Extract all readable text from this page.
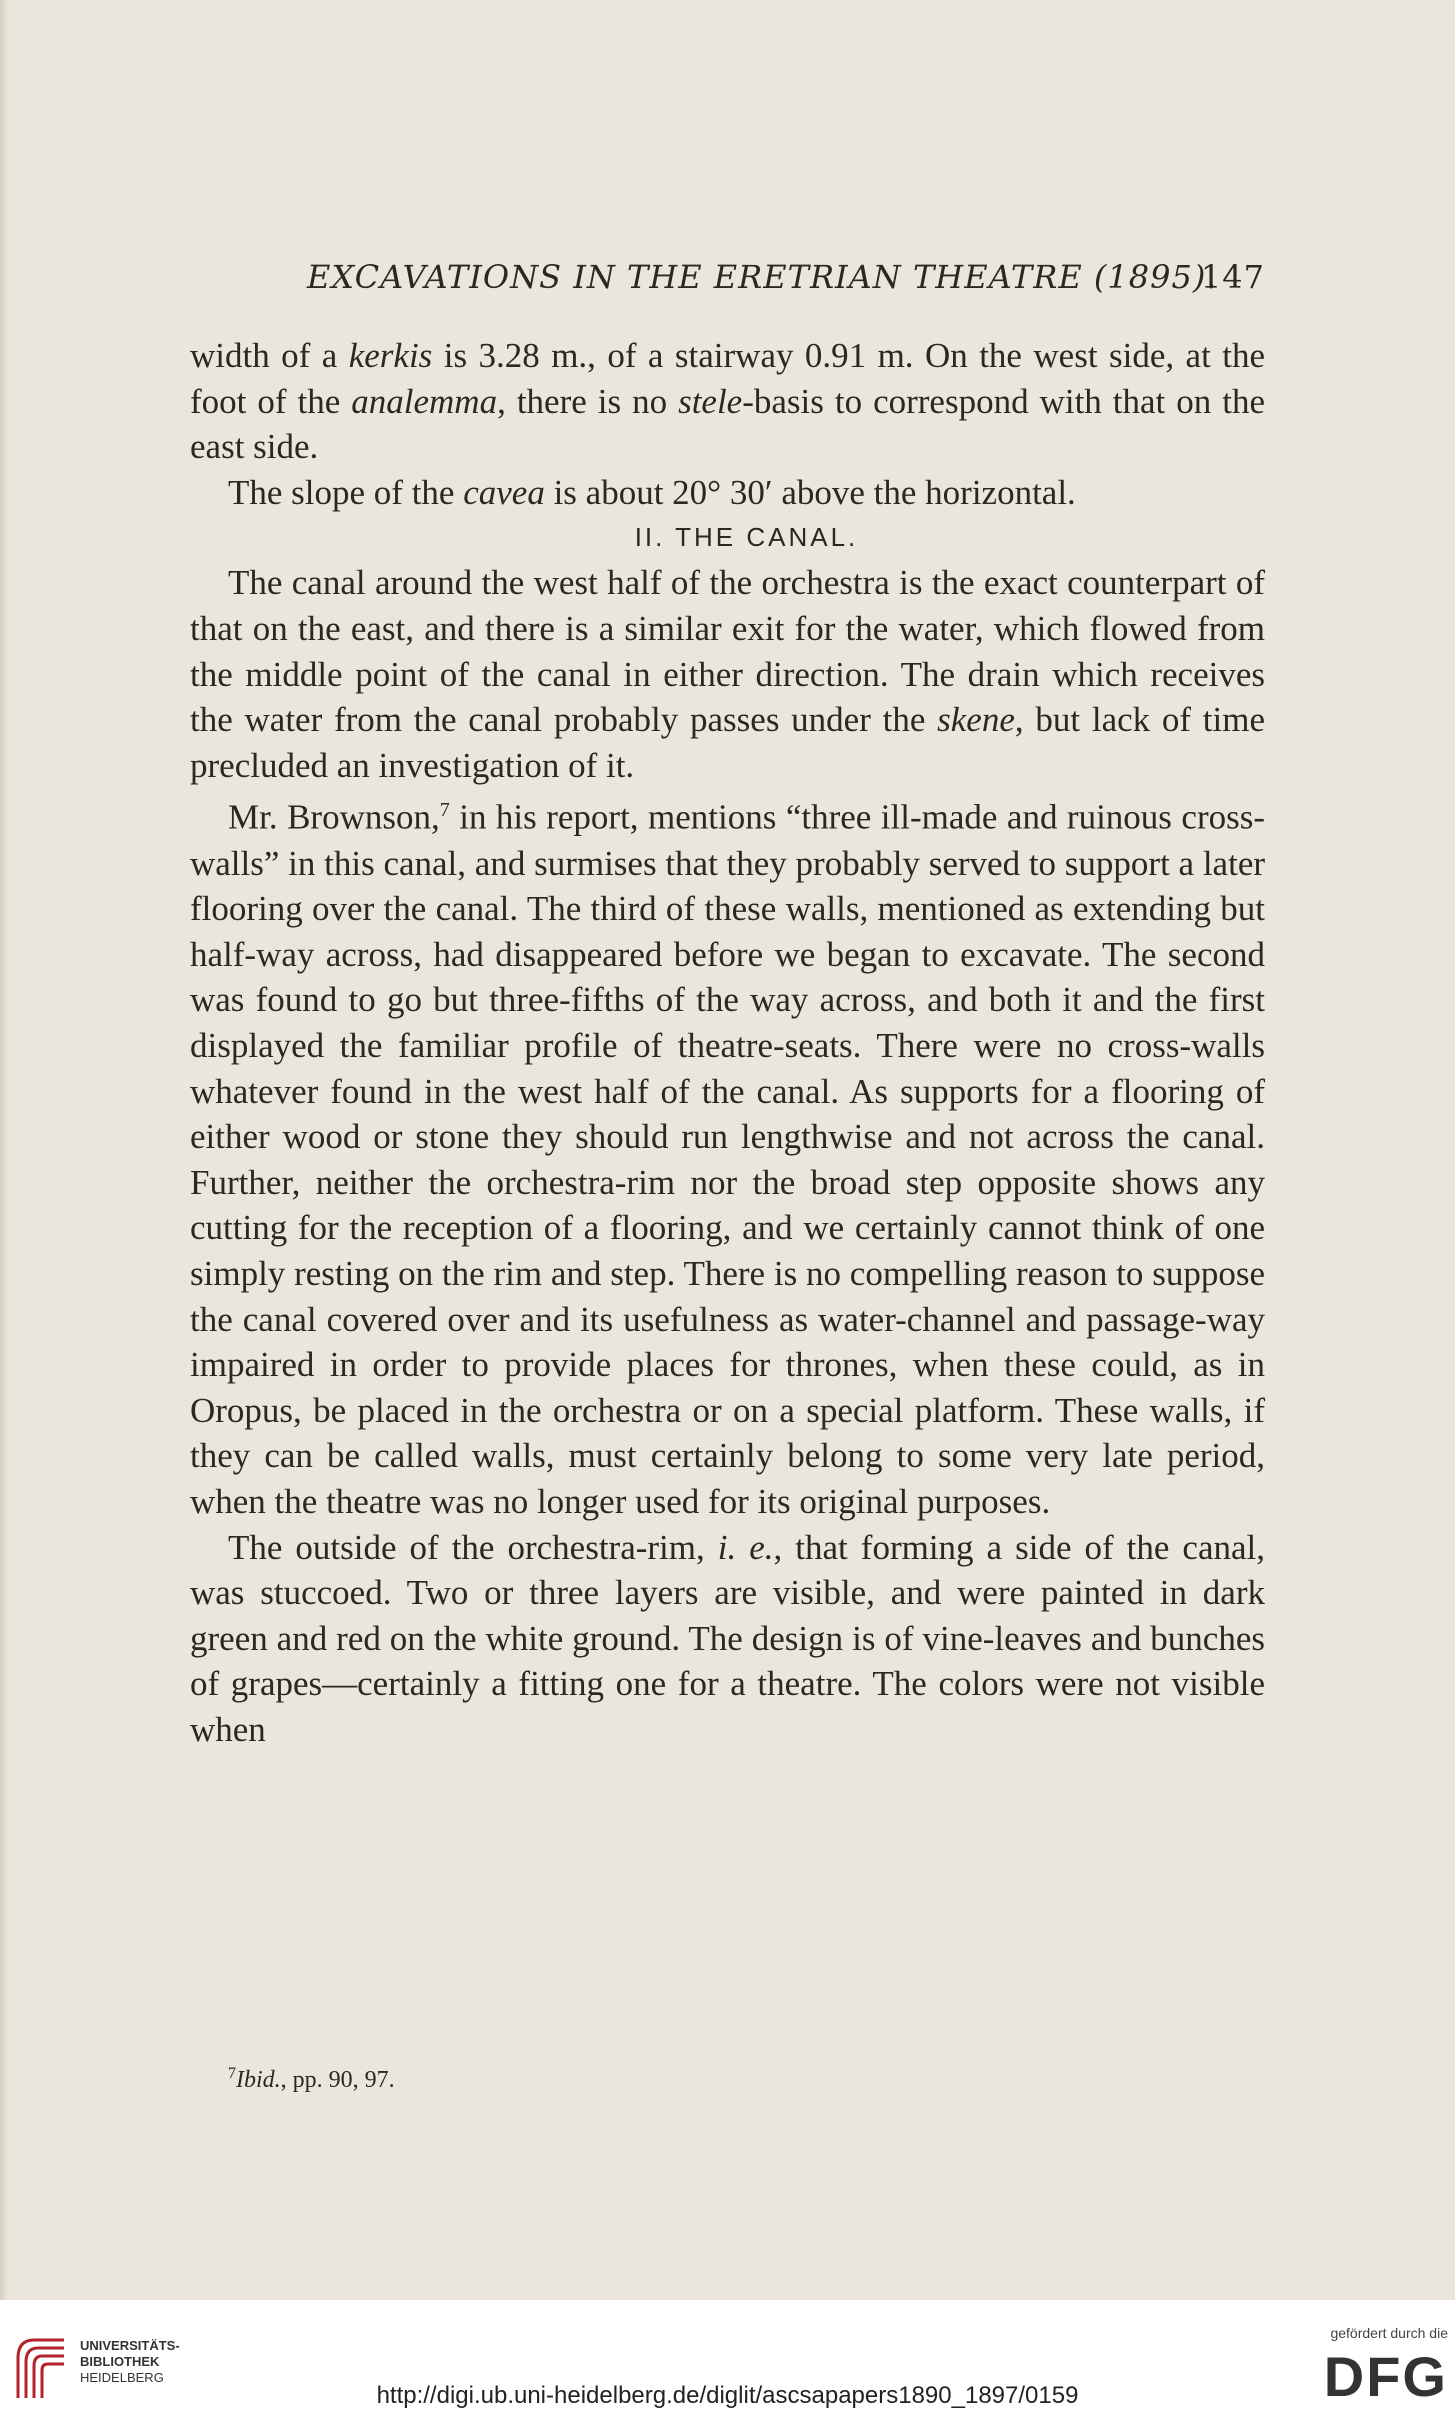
EXCAVATIONS IN THE ERETRIAN THEATRE (1895).
147

width of a kerkis is 3.28 m., of a stairway 0.91 m. On the west side, at the foot of the analemma, there is no stele-basis to correspond with that on the east side.

The slope of the cavea is about 20° 30′ above the horizontal.

II. THE CANAL.

The canal around the west half of the orchestra is the exact counterpart of that on the east, and there is a similar exit for the water, which flowed from the middle point of the canal in either direction. The drain which receives the water from the canal probably passes under the skene, but lack of time precluded an investigation of it.

Mr. Brownson,$^7$ in his report, mentions “three ill-made and ruinous cross-walls” in this canal, and surmises that they probably served to support a later flooring over the canal. The third of these walls, mentioned as extending but half-way across, had disappeared before we began to excavate. The second was found to go but three-fifths of the way across, and both it and the first displayed the familiar profile of theatre-seats. There were no cross-walls whatever found in the west half of the canal. As supports for a flooring of either wood or stone they should run lengthwise and not across the canal. Further, neither the orchestra-rim nor the broad step opposite shows any cutting for the reception of a flooring, and we certainly cannot think of one simply resting on the rim and step. There is no compelling reason to suppose the canal covered over and its usefulness as water-channel and passage-way impaired in order to provide places for thrones, when these could, as in Oropus, be placed in the orchestra or on a special platform. These walls, if they can be called walls, must certainly belong to some very late period, when the theatre was no longer used for its original purposes.

The outside of the orchestra-rim, i. e., that forming a side of the canal, was stuccoed. Two or three layers are visible, and were painted in dark green and red on the white ground. The design is of vine-leaves and bunches of grapes—certainly a fitting one for a theatre. The colors were not visible when

$^7$Ibid., pp. 90, 97.
UNIVERSITÄTS-
BIBLIOTHEK
HEIDELBERG
http://digi.ub.uni-heidelberg.de/diglit/ascsapapers1890_1897/0159
gefördert durch die
DFG
